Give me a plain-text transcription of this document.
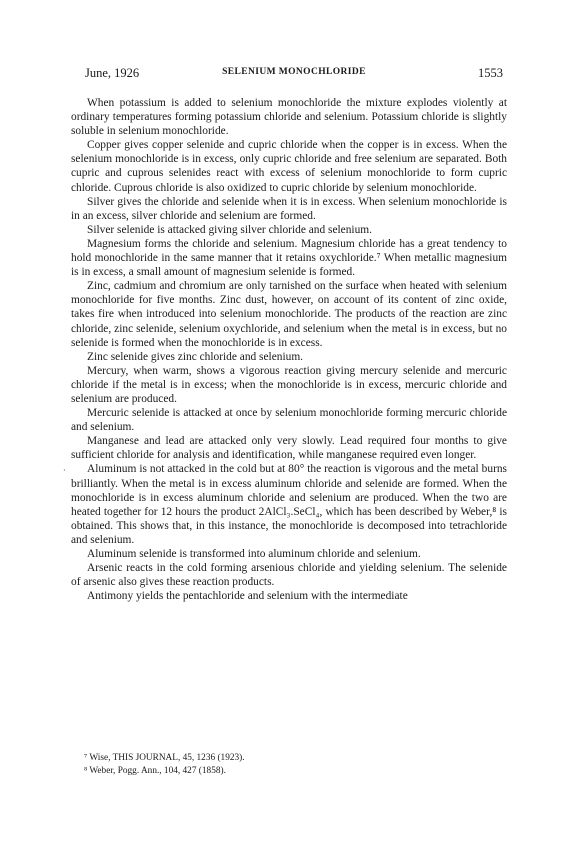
June, 1926	SELENIUM MONOCHLORIDE	1553

When potassium is added to selenium monochloride the mixture explodes violently at ordinary temperatures forming potassium chloride and selenium. Potassium chloride is slightly soluble in selenium monochloride.

Copper gives copper selenide and cupric chloride when the copper is in excess. When the selenium monochloride is in excess, only cupric chloride and free selenium are separated. Both cupric and cuprous selenides react with excess of selenium monochloride to form cupric chloride. Cuprous chloride is also oxidized to cupric chloride by selenium monochloride.

Silver gives the chloride and selenide when it is in excess. When selenium monochloride is in an excess, silver chloride and selenium are formed.

Silver selenide is attacked giving silver chloride and selenium.

Magnesium forms the chloride and selenium. Magnesium chloride has a great tendency to hold monochloride in the same manner that it retains oxychloride.⁷ When metallic magnesium is in excess, a small amount of magnesium selenide is formed.

Zinc, cadmium and chromium are only tarnished on the surface when heated with selenium monochloride for five months. Zinc dust, however, on account of its content of zinc oxide, takes fire when introduced into selenium monochloride. The products of the reaction are zinc chloride, zinc selenide, selenium oxychloride, and selenium when the metal is in excess, but no selenide is formed when the monochloride is in excess.

Zinc selenide gives zinc chloride and selenium.

Mercury, when warm, shows a vigorous reaction giving mercury selenide and mercuric chloride if the metal is in excess; when the monochloride is in excess, mercuric chloride and selenium are produced.

Mercuric selenide is attacked at once by selenium monochloride forming mercuric chloride and selenium.

Manganese and lead are attacked only very slowly. Lead required four months to give sufficient chloride for analysis and identification, while manganese required even longer.

Aluminum is not attacked in the cold but at 80° the reaction is vigorous and the metal burns brilliantly. When the metal is in excess aluminum chloride and selenide are formed. When the monochloride is in excess aluminum chloride and selenium are produced. When the two are heated together for 12 hours the product 2AlCl₃.SeCl₄, which has been described by Weber,⁸ is obtained. This shows that, in this instance, the monochloride is decomposed into tetrachloride and selenium.

Aluminum selenide is transformed into aluminum chloride and selenium.

Arsenic reacts in the cold forming arsenious chloride and yielding selenium. The selenide of arsenic also gives these reaction products.

Antimony yields the pentachloride and selenium with the intermediate

·

⁷ Wise, THIS JOURNAL, 45, 1236 (1923).

⁸ Weber, Pogg. Ann., 104, 427 (1858).
